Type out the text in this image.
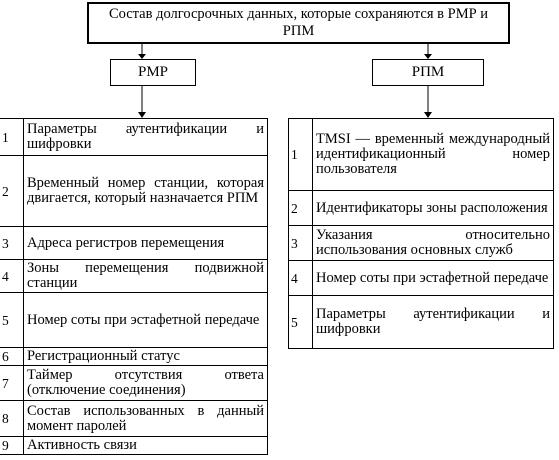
Состав долгосрочных данных, которые сохраняются в РМР и РПМ
РМР	РПМ
1	Параметры аутентификации и шифровки
2	Временный номер станции, которая двигается, который назначается РПМ
3	Адреса регистров перемещения
4	Зоны перемещения подвижной станции
5	Номер соты при эстафетной передаче
6	Регистрационный статус
7	Таймер отсутствия ответа (отключение соединения)
8	Состав использованных в данный момент паролей
9	Активность связи
1	TMSI — временный международный идентификационный номер пользователя
2	Идентификаторы зоны расположения
3	Указания относительно использования основных служб
4	Номер соты при эстафетной передаче
5	Параметры аутентификации и шифровки
